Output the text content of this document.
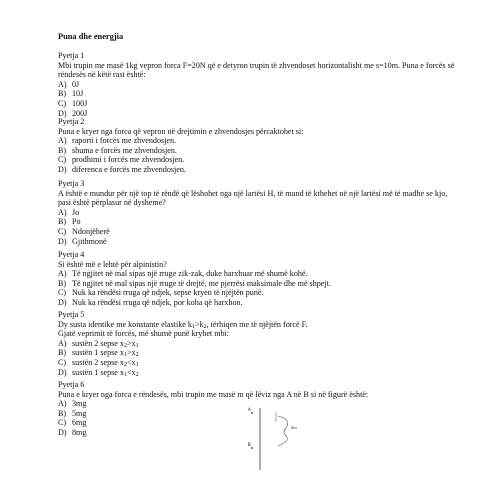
Puna dhe energjia
Pyetja 1
Mbi trupin me masë 1kg vepron forca F=20N që e detyron trupin të zhvendoset horizontalisht me s=10m. Puna e forcës së rëndesës në këtë rast është:
A) 0J
B) 10J
C) 100J
D) 200J
Pyetja 2
Puna e kryer nga forca që vepron në drejtimin e zhvendosjes përcaktohet si:
A) raporti i forcës me zhvendosjen.
B) shuma e forcës me zhvendosjen.
C) prodhimi i forcës me zhvendosjen.
D) diferenca e forcës me zhvendosjen.
Pyetja 3
A është e mundur për një top të rëndë që lëshohet nga një lartësi H, të mund të kthehet në një lartësi më të madhe se kjo, pasi është përplasur në dysheme?
A) Jo
B) Po
C) Ndonjëherë
D) Gjithmonë
Pyetja 4
Si është më e lehtë për alpinistin?
A) Të ngjitet në mal sipas një rruge zik-zak, duke harxhuar më shumë kohë.
B) Të ngjitet në mal sipas një rruge të drejtë, me pjerrësi maksimale dhe më shpejt.
C) Nuk ka rëndësi rruga që ndjek, sepse kryen të njëjtën punë.
D) Nuk ka rëndësi rruga që ndjek, por koha që harxhon.
Pyetja 5
Dy susta identike me konstante elastike $k_1>k_2$, tërhiqen me të njëjtën forcë F.
Gjatë veprimit të forcës, më shumë punë kryhet mbi:
A) sustën 2 sepse $x_2>x_1$
B) sustën 1 sepse $x_1>x_2$
C) sustën 2 sepse $x_2<x_1$
D) sustën 1 sepse $x_1<x_2$
Pyetja 6
Puna e kryer nga forca e rëndesës, mbi trupin me masë m që lëviz nga A në B si në figurë është:
A) 3mg
B) 5mg
C) 6mg
D) 8mg
A
B
5m
